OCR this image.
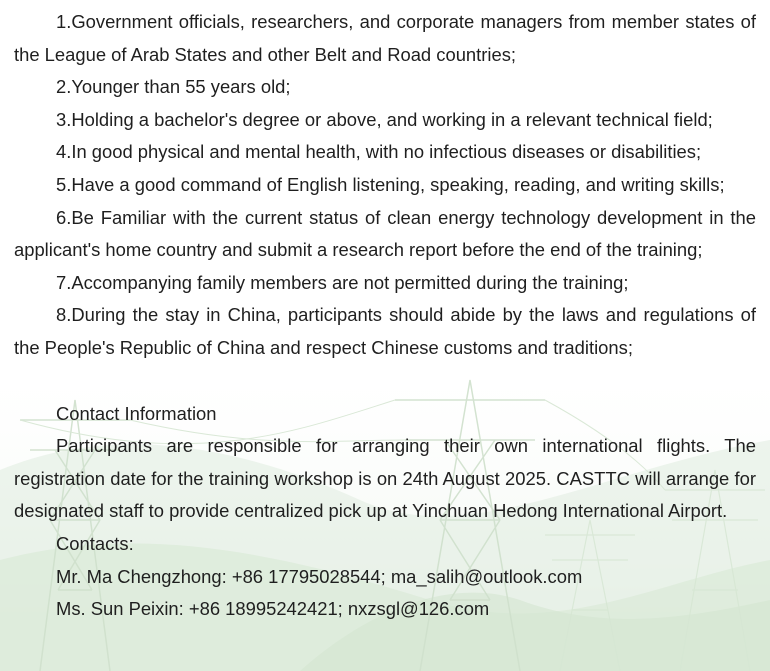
1.Government officials, researchers, and corporate managers from member states of the League of Arab States and other Belt and Road countries;

2.Younger than 55 years old;

3.Holding a bachelor's degree or above, and working in a relevant technical field;

4.In good physical and mental health, with no infectious diseases or disabilities;

5.Have a good command of English listening, speaking, reading, and writing skills;

6.Be Familiar with the current status of clean energy technology development in the applicant's home country and submit a research report before the end of the training;

7.Accompanying family members are not permitted during the training;

8.During the stay in China, participants should abide by the laws and regulations of the People's Republic of China and respect Chinese customs and traditions;

Contact Information

Participants are responsible for arranging their own international flights. The registration date for the training workshop is on 24th August 2025. CASTTC will arrange for designated staff to provide centralized pick up at Yinchuan Hedong International Airport.

Contacts:

Mr. Ma Chengzhong: +86 17795028544; ma_salih@outlook.com

Ms. Sun Peixin: +86 18995242421; nxzsgl@126.com
